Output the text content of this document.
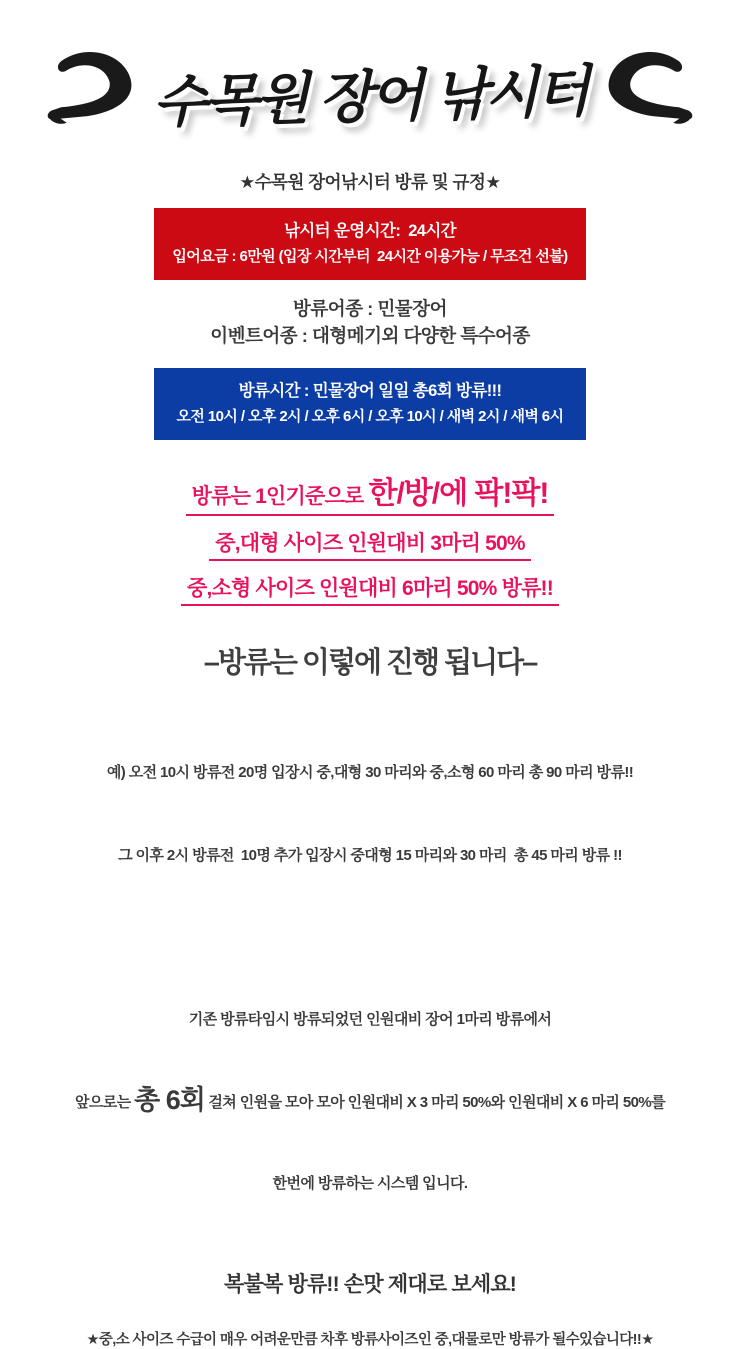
수목원 장어 낚시터
★수목원 장어낚시터 방류 및 규정★
낚시터 운영시간:  24시간
입어요금 : 6만원 (입장 시간부터  24시간 이용가능 / 무조건 선불)
방류어종 : 민물장어
이벤트어종 : 대형메기외 다양한 특수어종
방류시간 : 민물장어 일일 총6회 방류!!!
오전 10시 / 오후 2시 / 오후 6시 / 오후 10시 / 새벽 2시 / 새벽 6시
방류는 1인기준으로 한/방/에 팍!팍!
중,대형 사이즈 인원대비 3마리 50%
중,소형 사이즈 인원대비 6마리 50% 방류!!
–방류는 이렇에 진행 됩니다–

예) 오전 10시 방류전 20명 입장시 중,대형 30 마리와 중,소형 60 마리 총 90 마리 방류!!

그 이후 2시 방류전  10명 추가 입장시 중대형 15 마리와 30 마리  총 45 마리 방류 !!

기존 방류타임시 방류되었던 인원대비 장어 1마리 방류에서

앞으로는 총 6회 걸쳐 인원을 모아 모아 인원대비 X 3 마리 50%와 인원대비 X 6 마리 50%를

한번에 방류하는 시스템 입니다.

복불복 방류!! 손맛 제대로 보세요!
★중,소 사이즈 수급이 매우 어려운만큼 차후 방류사이즈인 중,대물로만 방류가 될수있습니다!!★
